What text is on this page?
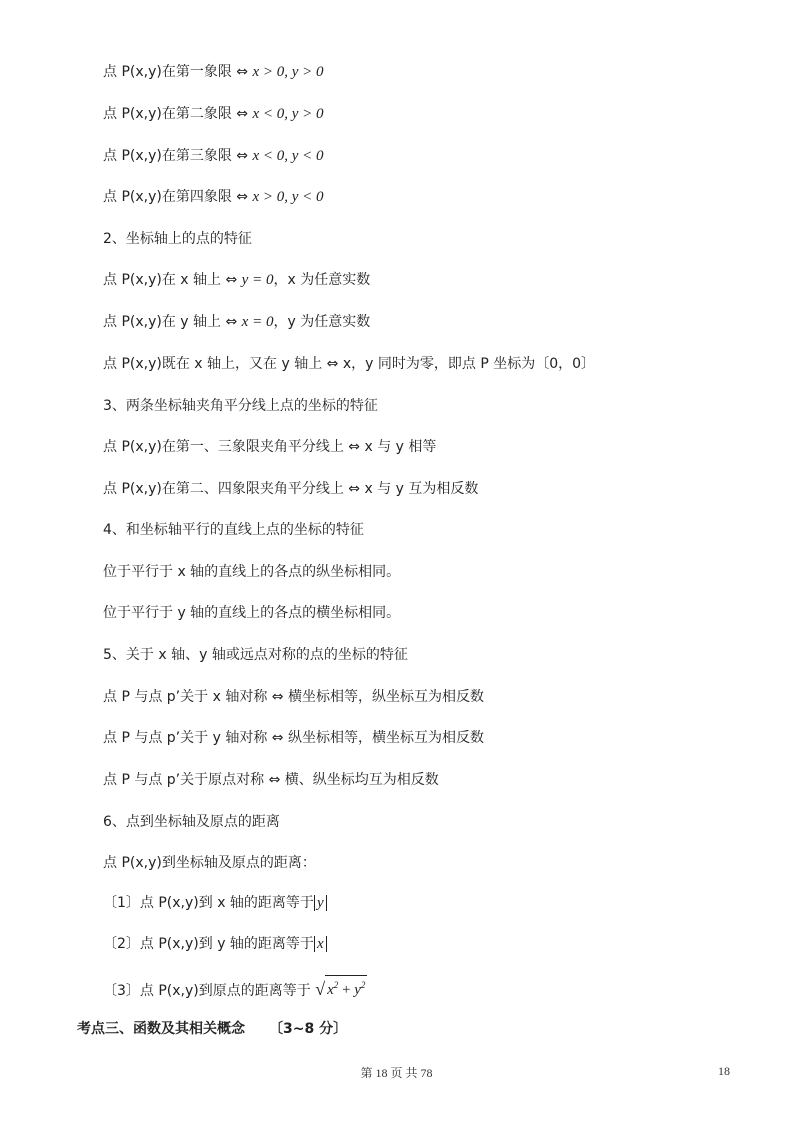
点 P(x,y)在第一象限 ⇔ x > 0, y > 0
点 P(x,y)在第二象限 ⇔ x < 0, y > 0
点 P(x,y)在第三象限 ⇔ x < 0, y < 0
点 P(x,y)在第四象限 ⇔ x > 0, y < 0
2、坐标轴上的点的特征
点 P(x,y)在 x 轴上 ⇔ y = 0，x 为任意实数
点 P(x,y)在 y 轴上 ⇔ x = 0，y 为任意实数
点 P(x,y)既在 x 轴上，又在 y 轴上 ⇔ x，y 同时为零，即点 P 坐标为〔0，0〕
3、两条坐标轴夹角平分线上点的坐标的特征
点 P(x,y)在第一、三象限夹角平分线上 ⇔ x 与 y 相等
点 P(x,y)在第二、四象限夹角平分线上 ⇔ x 与 y 互为相反数
4、和坐标轴平行的直线上点的坐标的特征
位于平行于 x 轴的直线上的各点的纵坐标相同。
位于平行于 y 轴的直线上的各点的横坐标相同。
5、关于 x 轴、y 轴或远点对称的点的坐标的特征
点 P 与点 p’关于 x 轴对称 ⇔ 横坐标相等，纵坐标互为相反数
点 P 与点 p’关于 y 轴对称 ⇔ 纵坐标相等，横坐标互为相反数
点 P 与点 p’关于原点对称 ⇔ 横、纵坐标均互为相反数
6、点到坐标轴及原点的距离
点 P(x,y)到坐标轴及原点的距离：
〔1〕点 P(x,y)到 x 轴的距离等于 y
〔2〕点 P(x,y)到 y 轴的距离等于 x
〔3〕点 P(x,y)到原点的距离等于 √ $x^2 + y^2$
考点三、函数及其相关概念 〔3~8 分〕
第 18 页 共 78	18
